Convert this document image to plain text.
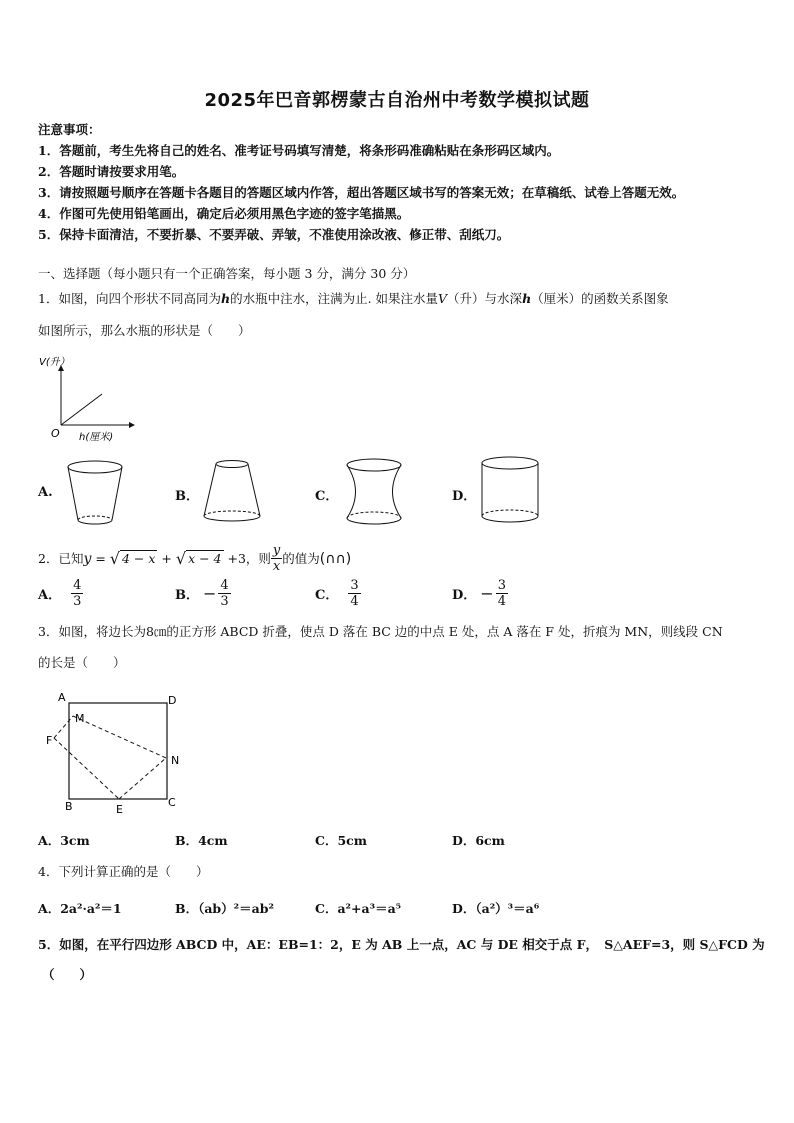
2025年巴音郭楞蒙古自治州中考数学模拟试题
注意事项：
1．答题前，考生先将自己的姓名、准考证号码填写清楚，将条形码准确粘贴在条形码区域内。
2．答题时请按要求用笔。
3．请按照题号顺序在答题卡各题目的答题区域内作答，超出答题区域书写的答案无效；在草稿纸、试卷上答题无效。
4．作图可先使用铅笔画出，确定后必须用黑色字迹的签字笔描黑。
5．保持卡面清洁，不要折暴、不要弄破、弄皱，不准使用涂改液、修正带、刮纸刀。
一、选择题（每小题只有一个正确答案，每小题 3 分，满分 30 分）
1．如图，向四个形状不同高同为h的水瓶中注水，注满为止. 如果注水量V（升）与水深h（厘米）的函数关系图象
如图所示，那么水瓶的形状是（　　）
V(升）
O h(厘米)
A.	B．	C．	D．
2．已知 y = √ 4 − x + √ x − 4 +3 ，则 $\frac{y}{x}$ 的值为 (∩∩)
A． $\frac{4}{3}$	B． − $\frac{4}{3}$	C． $\frac{3}{4}$	D． − $\frac{3}{4}$
3．如图，将边长为8㎝的正方形 ABCD 折叠，使点 D 落在 BC 边的中点 E 处，点 A 落在 F 处，折痕为 MN，则线段 CN
的长是（　　）
A	D
M
F
N
B	E
C
A．3cm	B．4cm	C．5cm	D．6cm
4．下列计算正确的是（　　）
A．2a²·a²＝1	B．（ab）²＝ab²	C．a²+a³＝a⁵	D．（a²）³＝a⁶
5．如图，在平行四边形 ABCD 中，AE：EB=1：2，E 为 AB 上一点，AC 与 DE 相交于点 F，　S△AEF=3，则 S△FCD 为
（　　）
